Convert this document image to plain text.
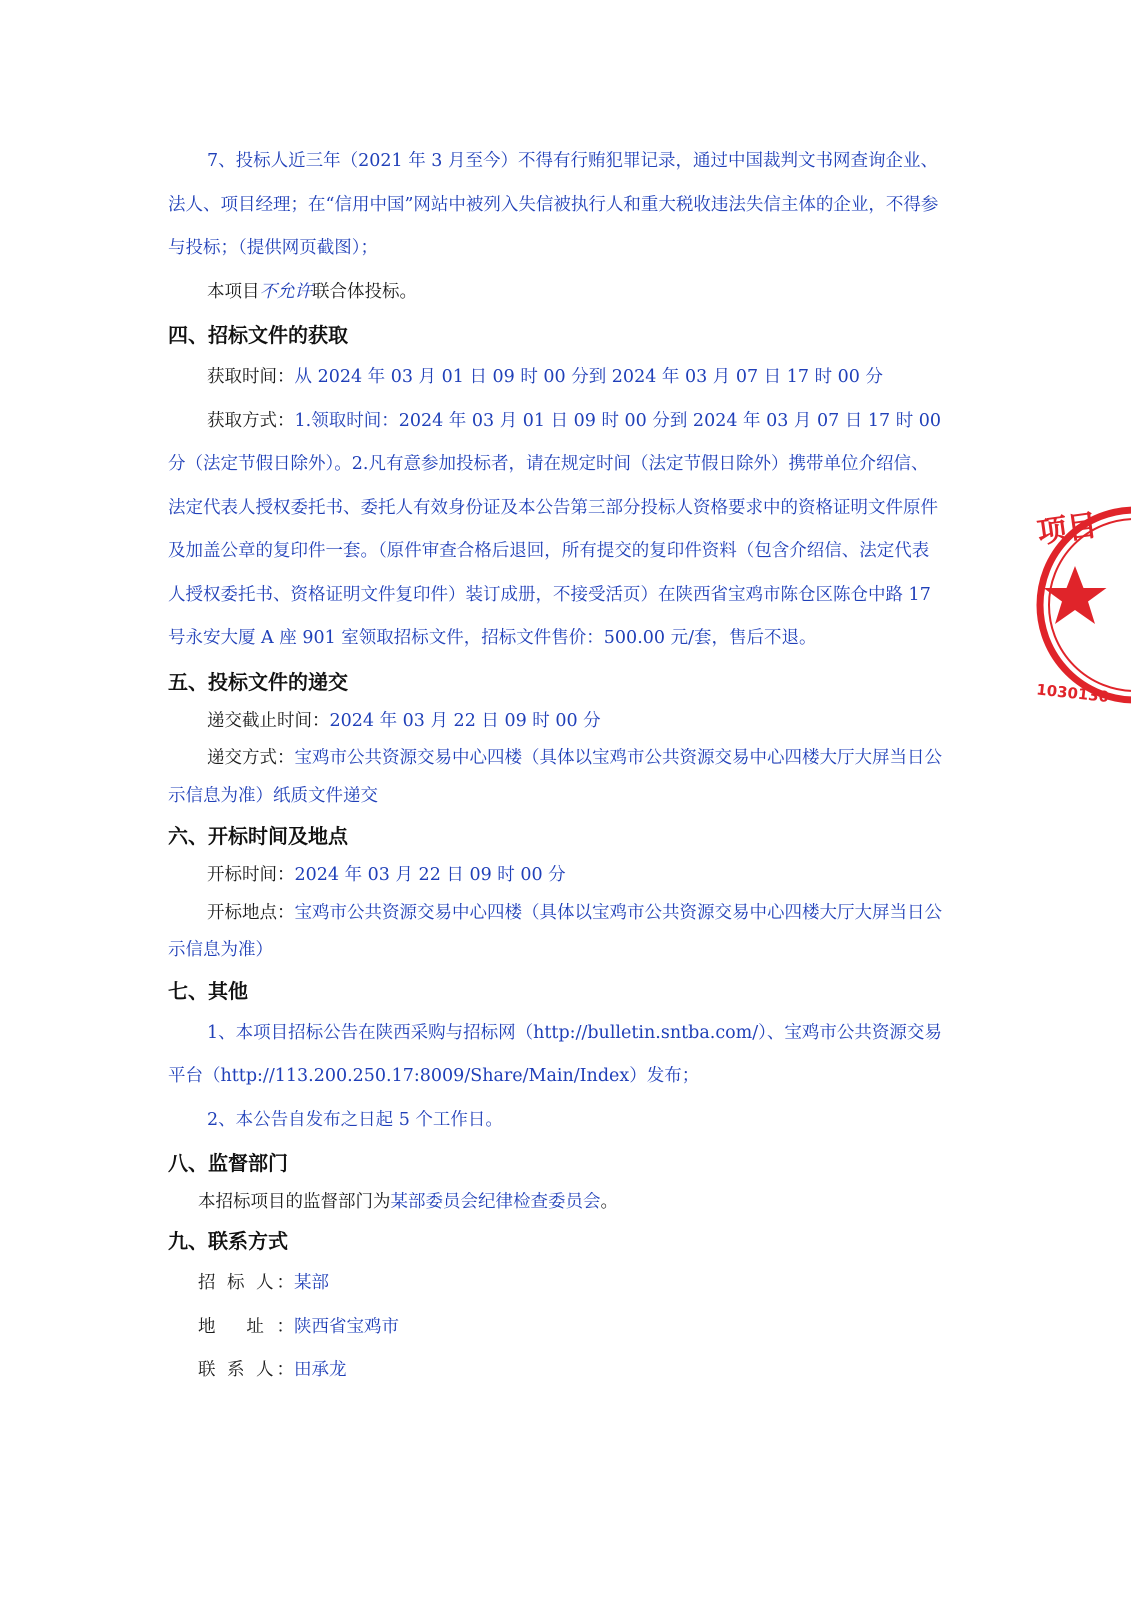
7、投标人近三年（2021 年 3 月至今）不得有行贿犯罪记录，通过中国裁判文书网查询企业、法人、项目经理；在“信用中国”网站中被列入失信被执行人和重大税收违法失信主体的企业，不得参与投标；（提供网页截图）；

本项目不允许联合体投标。

四、招标文件的获取

获取时间：从 2024 年 03 月 01 日 09 时 00 分到 2024 年 03 月 07 日 17 时 00 分

获取方式：1.领取时间：2024 年 03 月 01 日 09 时 00 分到 2024 年 03 月 07 日 17 时 00 分（法定节假日除外）。2.凡有意参加投标者，请在规定时间（法定节假日除外）携带单位介绍信、法定代表人授权委托书、委托人有效身份证及本公告第三部分投标人资格要求中的资格证明文件原件及加盖公章的复印件一套。（原件审查合格后退回，所有提交的复印件资料（包含介绍信、法定代表人授权委托书、资格证明文件复印件）装订成册，不接受活页）在陕西省宝鸡市陈仓区陈仓中路 17 号永安大厦 A 座 901 室领取招标文件，招标文件售价：500.00 元/套，售后不退。

五、投标文件的递交

递交截止时间：2024 年 03 月 22 日 09 时 00 分

递交方式：宝鸡市公共资源交易中心四楼（具体以宝鸡市公共资源交易中心四楼大厅大屏当日公示信息为准）纸质文件递交

六、开标时间及地点

开标时间：2024 年 03 月 22 日 09 时 00 分

开标地点：宝鸡市公共资源交易中心四楼（具体以宝鸡市公共资源交易中心四楼大厅大屏当日公示信息为准）

七、其他

1、本项目招标公告在陕西采购与招标网（http://bulletin.sntba.com/）、宝鸡市公共资源交易平台（http://113.200.250.17:8009/Share/Main/Index）发布；

2、本公告自发布之日起 5 个工作日。

八、监督部门

本招标项目的监督部门为某部委员会纪律检查委员会。

九、联系方式

招 标 人：某部

地 址：陕西省宝鸡市

联 系 人：田承龙

项目
1030130
